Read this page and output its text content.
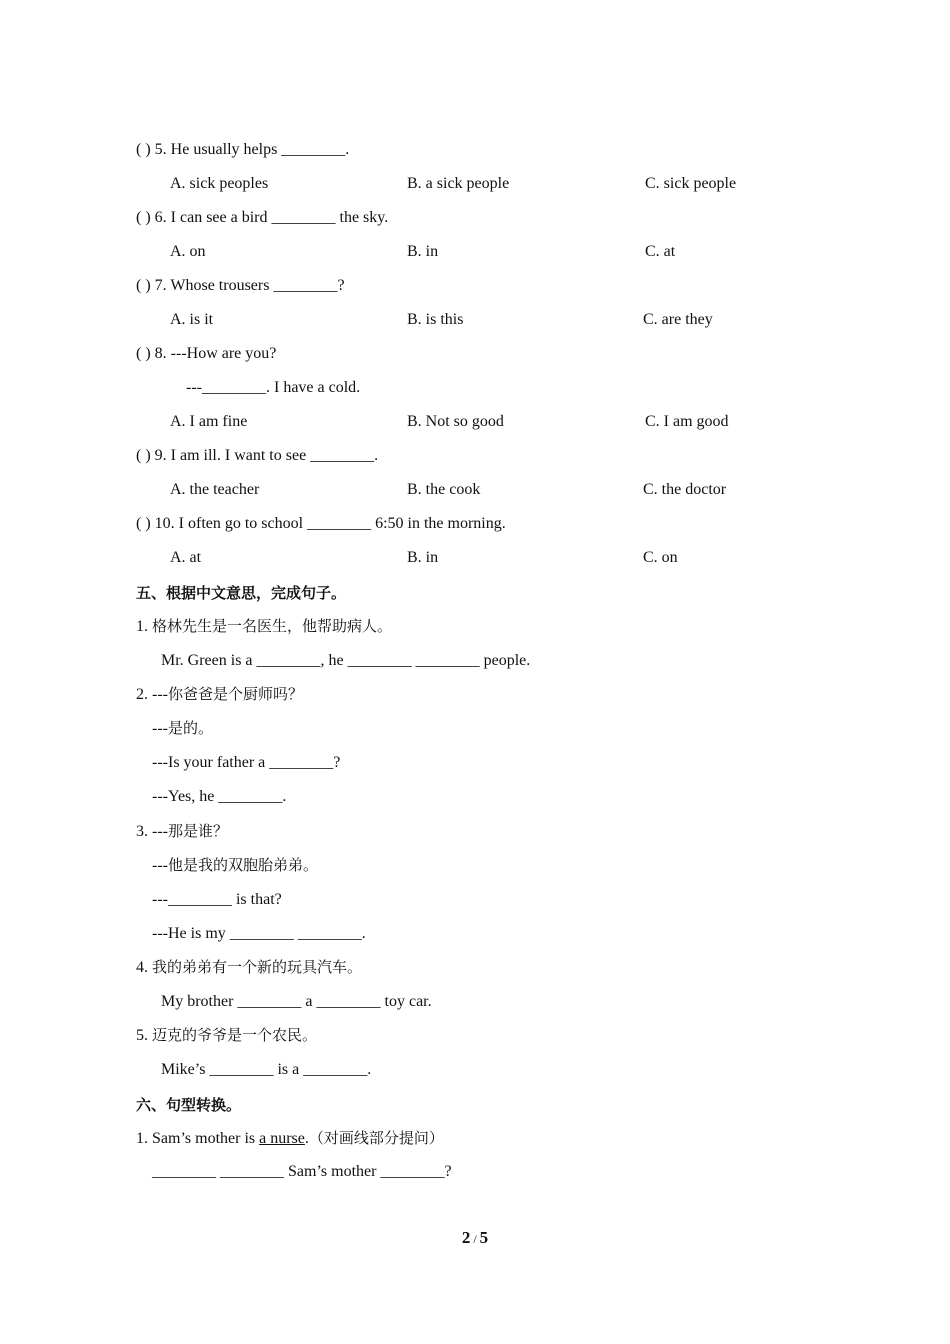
( ) 5. He usually helps ________.
A. sick peoples	B. a sick people	C. sick people
( ) 6. I can see a bird ________ the sky.
A. on	B. in	C. at
( ) 7. Whose trousers ________?
A. is it	B. is this	C. are they
( ) 8. ---How are you?
---________. I have a cold.
A. I am fine	B. Not so good	C. I am good
( ) 9. I am ill. I want to see ________.
A. the teacher	B. the cook	C. the doctor
( ) 10. I often go to school ________ 6:50 in the morning.
A. at	B. in	C. on
五、根据中文意思，完成句子。
1. 格林先生是一名医生，他帮助病人。
Mr. Green is a ________, he ________ ________ people.
2. ---你爸爸是个厨师吗？
---是的。
---Is your father a ________?
---Yes, he ________.
3. ---那是谁？
---他是我的双胞胎弟弟。
---________ is that?
---He is my ________ ________.
4. 我的弟弟有一个新的玩具汽车。
My brother ________ a ________ toy car.
5. 迈克的爷爷是一个农民。
Mike’s ________ is a ________.
六、句型转换。
1. Sam’s mother is a nurse.（对画线部分提问）
________ ________ Sam’s mother ________?
2 / 5
